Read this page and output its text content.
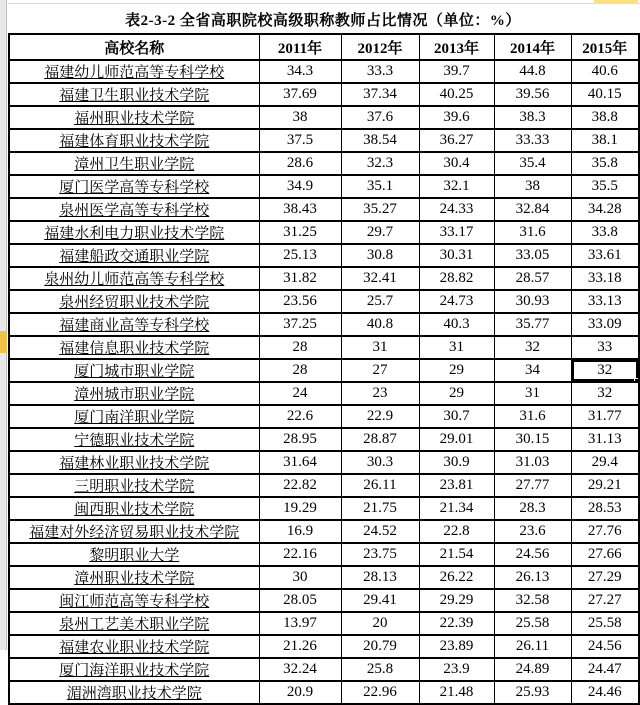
表2-3-2 全省高职院校高级职称教师占比情况（单位：%）
高校名称	2011年	2012年	2013年	2014年	2015年
福建幼儿师范高等专科学校	34.3	33.3	39.7	44.8	40.6
福建卫生职业技术学院	37.69	37.34	40.25	39.56	40.15
福州职业技术学院	38	37.6	39.6	38.3	38.8
福建体育职业技术学院	37.5	38.54	36.27	33.33	38.1
漳州卫生职业学院	28.6	32.3	30.4	35.4	35.8
厦门医学高等专科学校	34.9	35.1	32.1	38	35.5
泉州医学高等专科学校	38.43	35.27	24.33	32.84	34.28
福建水利电力职业技术学院	31.25	29.7	33.17	31.6	33.8
福建船政交通职业学院	25.13	30.8	30.31	33.05	33.61
泉州幼儿师范高等专科学校	31.82	32.41	28.82	28.57	33.18
泉州经贸职业技术学院	23.56	25.7	24.73	30.93	33.13
福建商业高等专科学校	37.25	40.8	40.3	35.77	33.09
福建信息职业技术学院	28	31	31	32	33
厦门城市职业学院	28	27	29	34	32

漳州城市职业学院	24	23	29	31	32
厦门南洋职业学院	22.6	22.9	30.7	31.6	31.77
宁德职业技术学院	28.95	28.87	29.01	30.15	31.13
福建林业职业技术学院	31.64	30.3	30.9	31.03	29.4
三明职业技术学院	22.82	26.11	23.81	27.77	29.21
闽西职业技术学院	19.29	21.75	21.34	28.3	28.53
福建对外经济贸易职业技术学院	16.9	24.52	22.8	23.6	27.76
黎明职业大学	22.16	23.75	21.54	24.56	27.66
漳州职业技术学院	30	28.13	26.22	26.13	27.29
闽江师范高等专科学校	28.05	29.41	29.29	32.58	27.27
泉州工艺美术职业学院	13.97	20	22.39	25.58	25.58
福建农业职业技术学院	21.26	20.79	23.89	26.11	24.56
厦门海洋职业技术学院	32.24	25.8	23.9	24.89	24.47
湄洲湾职业技术学院	20.9	22.96	21.48	25.93	24.46
